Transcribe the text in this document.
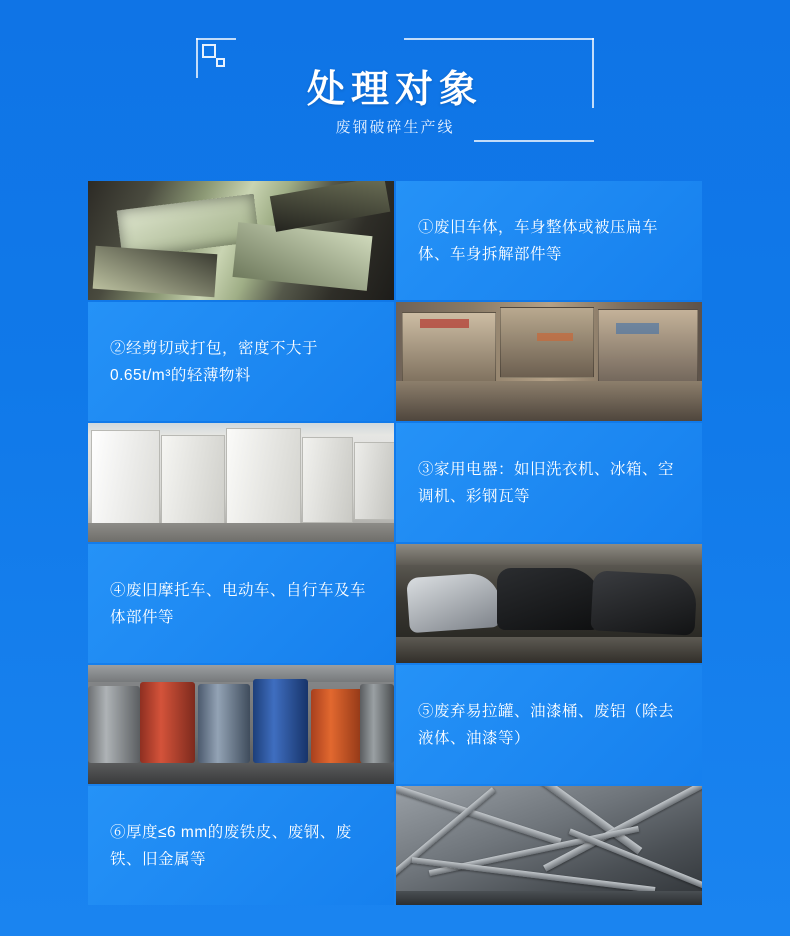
处理对象
废钢破碎生产线
①废旧车体，车身整体或被压扁车体、车身拆解部件等
②经剪切或打包，密度不大于0.65t/m³的轻薄物料
③家用电器：如旧洗衣机、冰箱、空调机、彩钢瓦等
④废旧摩托车、电动车、自行车及车体部件等
⑤废弃易拉罐、油漆桶、废铝（除去液体、油漆等）
⑥厚度≤6 mm的废铁皮、废钢、废铁、旧金属等
